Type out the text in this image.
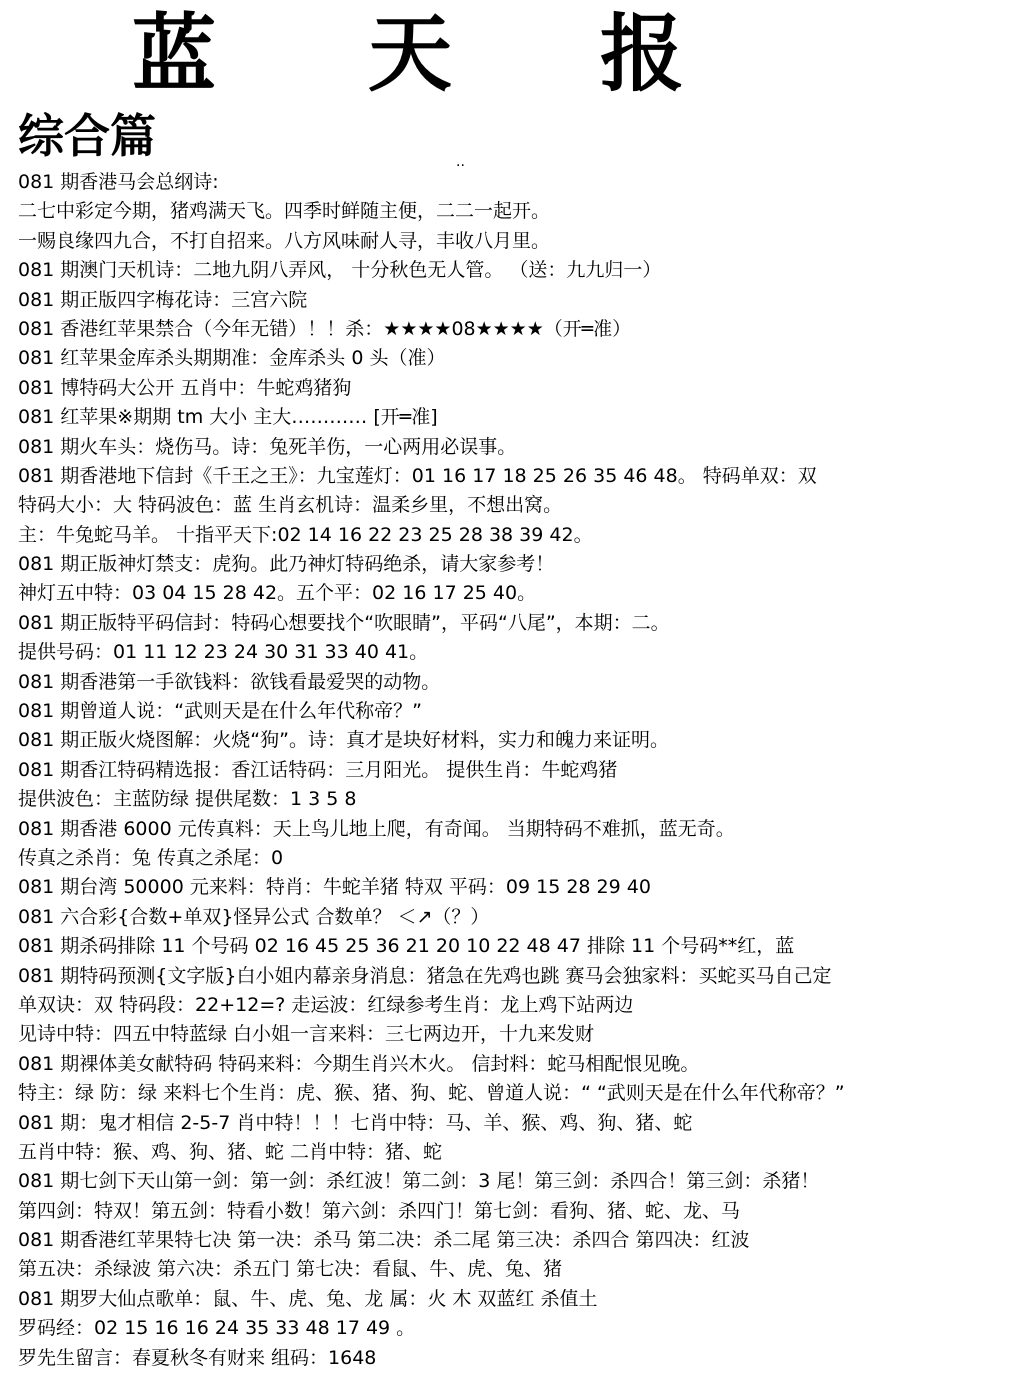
蓝 天 报
综合篇
··
081 期香港马会总纲诗:
二七中彩定今期，猪鸡满天飞。四季时鲜随主便，二二一起开。
一赐良缘四九合，不打自招来。八方风味耐人寻，丰收八月里。
081 期澳门天机诗：二地九阴八弄风， 十分秋色无人管。 （送：九九归一）
081 期正版四字梅花诗：三宫六院
081 香港红苹果禁合（今年无错）！！杀：★★★★08★★★★（开═准）
081 红苹果金库杀头期期准：金库杀头 0 头（准）
081 博特码大公开 五肖中：牛蛇鸡猪狗
081 红苹果※期期 tm 大小 主大………… [开═准]
081 期火车头：烧伤马。诗：兔死羊伤，一心两用必误事。
081 期香港地下信封《千王之王》：九宝莲灯：01 16 17 18 25 26 35 46 48。 特码单双：双
特码大小：大 特码波色：蓝 生肖玄机诗：温柔乡里，不想出窝。
主：牛兔蛇马羊。 十指平天下:02 14 16 22 23 25 28 38 39 42。
081 期正版神灯禁支：虎狗。此乃神灯特码绝杀，请大家参考！
神灯五中特：03 04 15 28 42。五个平：02 16 17 25 40。
081 期正版特平码信封：特码心想要找个“吹眼睛”，平码“八尾”，本期：二。
提供号码：01 11 12 23 24 30 31 33 40 41。
081 期香港第一手欲钱料：欲钱看最爱哭的动物。
081 期曾道人说：“武则天是在什么年代称帝？”
081 期正版火烧图解：火烧“狗”。诗：真才是块好材料，实力和魄力来证明。
081 期香江特码精选报：香江话特码：三月阳光。 提供生肖：牛蛇鸡猪
提供波色：主蓝防绿 提供尾数：1 3 5 8
081 期香港 6000 元传真料：天上鸟儿地上爬，有奇闻。 当期特码不难抓，蓝无奇。
传真之杀肖：兔 传真之杀尾：0
081 期台湾 50000 元来料：特肖：牛蛇羊猪 特双 平码：09 15 28 29 40
081 六合彩{合数+单双}怪异公式 合数单？ ＜↗（？）
081 期杀码排除 11 个号码 02 16 45 25 36 21 20 10 22 48 47 排除 11 个号码**红，蓝
081 期特码预测{文字版}白小姐内幕亲身消息：猪急在先鸡也跳 赛马会独家料：买蛇买马自己定
单双诀：双 特码段：22+12=? 走运波：红绿参考生肖：龙上鸡下站两边
见诗中特：四五中特蓝绿 白小姐一言来料：三七两边开，十九来发财
081 期裸体美女献特码 特码来料：今期生肖兴木火。 信封料：蛇马相配恨见晚。
特主：绿 防：绿 来料七个生肖：虎、猴、猪、狗、蛇、曾道人说：“ “武则天是在什么年代称帝？”
081 期：鬼才相信 2-5-7 肖中特！！！七肖中特：马、羊、猴、鸡、狗、猪、蛇
五肖中特：猴、鸡、狗、猪、蛇 二肖中特：猪、蛇
081 期七剑下天山第一剑：第一剑：杀红波！第二剑：3 尾！第三剑：杀四合！第三剑：杀猪！
第四剑：特双！第五剑：特看小数！第六剑：杀四门！第七剑：看狗、猪、蛇、龙、马
081 期香港红苹果特七决 第一决：杀马 第二决：杀二尾 第三决：杀四合 第四决：红波
第五决：杀绿波 第六决：杀五门 第七决：看鼠、牛、虎、兔、猪
081 期罗大仙点歌单：鼠、牛、虎、兔、龙 属：火 木 双蓝红 杀值土
罗码经：02 15 16 16 24 35 33 48 17 49 。
罗先生留言：春夏秋冬有财来 组码：1648
